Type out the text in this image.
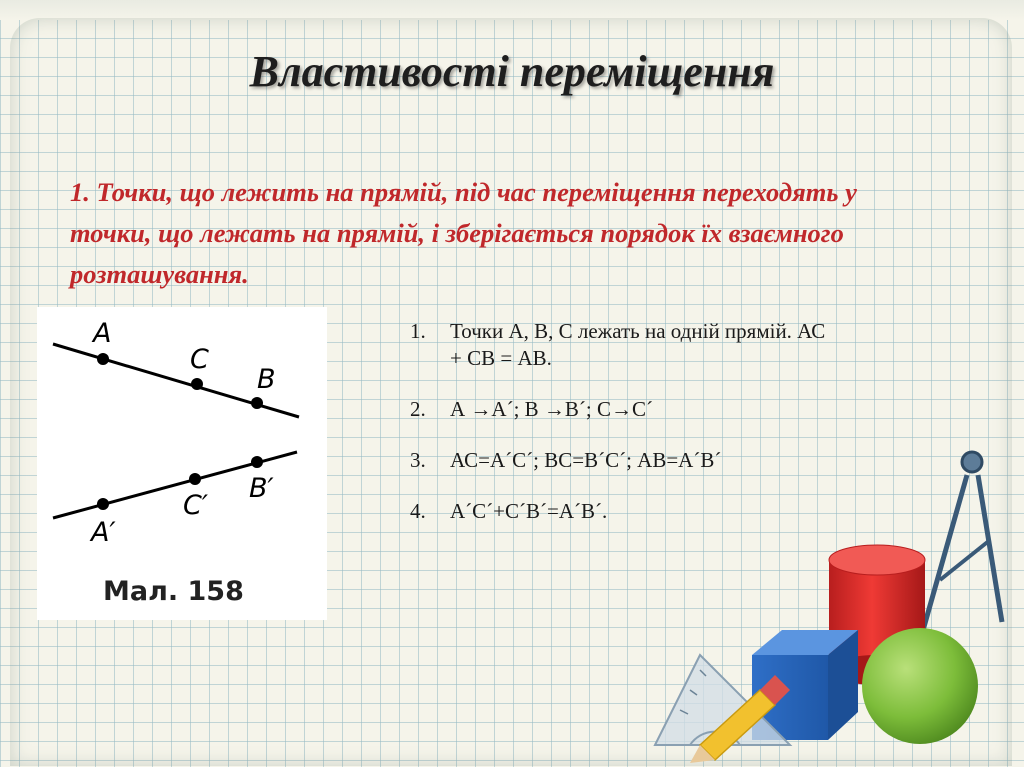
Властивості переміщення
1. Точки, що лежить на прямій, під час переміщення переходять у точки, що лежать на прямій, і зберігається порядок їх взаємного розташування.
A
C
B
A′
C′
B′
Мал. 158
1.	Точки А, В, С лежать на одній прямій. АС + СВ = АВ.
2.	А →А´; В →В´; С→С´
3.	АС=А´С´; ВС=В´С´; АВ=А´В´
4.	А´С´+С´В´=А´В´.
